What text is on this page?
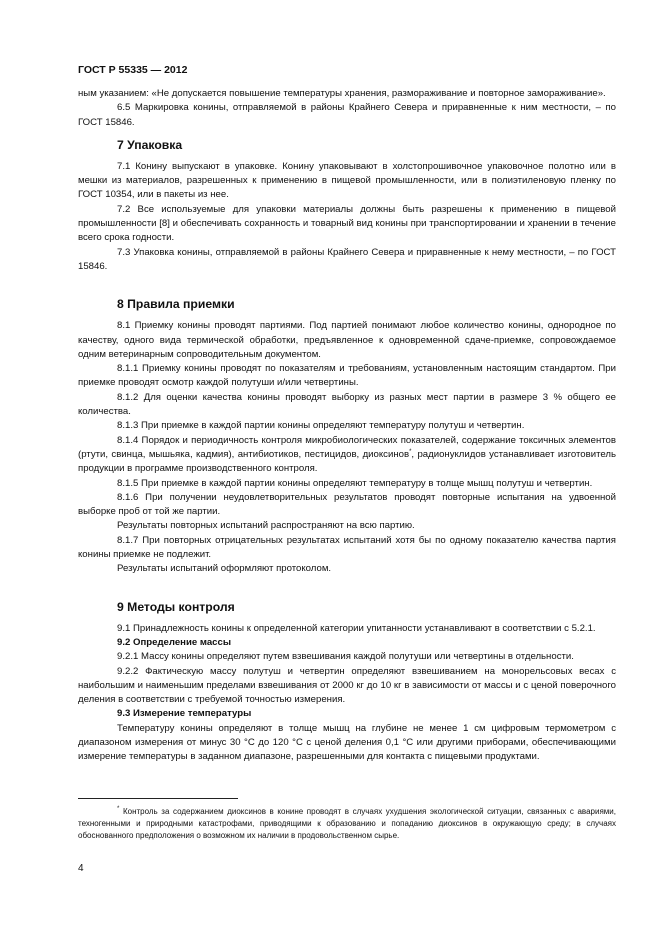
ГОСТ Р 55335 — 2012

ным указанием: «Не допускается повышение температуры хранения, размораживание и повторное замораживание».

6.5 Маркировка конины, отправляемой в районы Крайнего Севера и приравненные к ним местности, – по ГОСТ 15846.

7 Упаковка

7.1 Конину выпускают в упаковке. Конину упаковывают в холстопрошивочное упаковочное полотно или в мешки из материалов, разрешенных к применению в пищевой промышленности, или в полиэтиленовую пленку по ГОСТ 10354, или в пакеты из нее.

7.2 Все используемые для упаковки материалы должны быть разрешены к применению в пищевой промышленности [8] и обеспечивать сохранность и товарный вид конины при транспортировании и хранении в течение всего срока годности.

7.3 Упаковка конины, отправляемой в районы Крайнего Севера и приравненные к нему местности, – по ГОСТ 15846.

8 Правила приемки

8.1 Приемку конины проводят партиями. Под партией понимают любое количество конины, однородное по качеству, одного вида термической обработки, предъявленное к одновременной сдаче-приемке, сопровождаемое одним ветеринарным сопроводительным документом.

8.1.1 Приемку конины проводят по показателям и требованиям, установленным настоящим стандартом. При приемке проводят осмотр каждой полутуши и/или четвертины.

8.1.2 Для оценки качества конины проводят выборку из разных мест партии в размере 3 % общего ее количества.

8.1.3 При приемке в каждой партии конины определяют температуру полутуш и четвертин.

8.1.4 Порядок и периодичность контроля микробиологических показателей, содержание токсичных элементов (ртути, свинца, мышьяка, кадмия), антибиотиков, пестицидов, диоксинов*, радионуклидов устанавливает изготовитель продукции в программе производственного контроля.

8.1.5 При приемке в каждой партии конины определяют температуру в толще мышц полутуш и четвертин.

8.1.6 При получении неудовлетворительных результатов проводят повторные испытания на удвоенной выборке проб от той же партии.

Результаты повторных испытаний распространяют на всю партию.

8.1.7 При повторных отрицательных результатах испытаний хотя бы по одному показателю качества партия конины приемке не подлежит.

Результаты испытаний оформляют протоколом.

9 Методы контроля

9.1 Принадлежность конины к определенной категории упитанности устанавливают в соответствии с 5.2.1.

9.2 Определение массы

9.2.1 Массу конины определяют путем взвешивания каждой полутуши или четвертины в отдельности.

9.2.2 Фактическую массу полутуш и четвертин определяют взвешиванием на монорельсовых весах с наибольшим и наименьшим пределами взвешивания от 2000 кг до 10 кг в зависимости от массы и с ценой поверочного деления в соответствии с требуемой точностью измерения.

9.3 Измерение температуры

Температуру конины определяют в толще мышц на глубине не менее 1 см цифровым термометром с диапазоном измерения от минус 30 °С до 120 °С с ценой деления 0,1 °С или другими приборами, обеспечивающими измерение температуры в заданном диапазоне, разрешенными для контакта с пищевыми продуктами.

* Контроль за содержанием диоксинов в конине проводят в случаях ухудшения экологической ситуации, связанных с авариями, техногенными и природными катастрофами, приводящими к образованию и попаданию диоксинов в окружающую среду; в случаях обоснованного предположения о возможном их наличии в продовольственном сырье.

4
